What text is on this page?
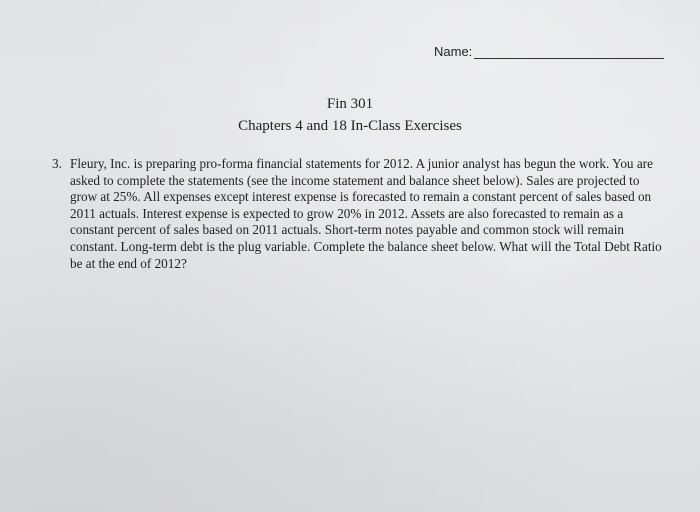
Name:
Fin 301
Chapters 4 and 18 In-Class Exercises
3. Fleury, Inc. is preparing pro-forma financial statements for 2012. A junior analyst has begun the work. You are asked to complete the statements (see the income statement and balance sheet below). Sales are projected to grow at 25%. All expenses except interest expense is forecasted to remain a constant percent of sales based on 2011 actuals. Interest expense is expected to grow 20% in 2012. Assets are also forecasted to remain as a constant percent of sales based on 2011 actuals. Short-term notes payable and common stock will remain constant. Long-term debt is the plug variable. Complete the balance sheet below. What will the Total Debt Ratio be at the end of 2012?
